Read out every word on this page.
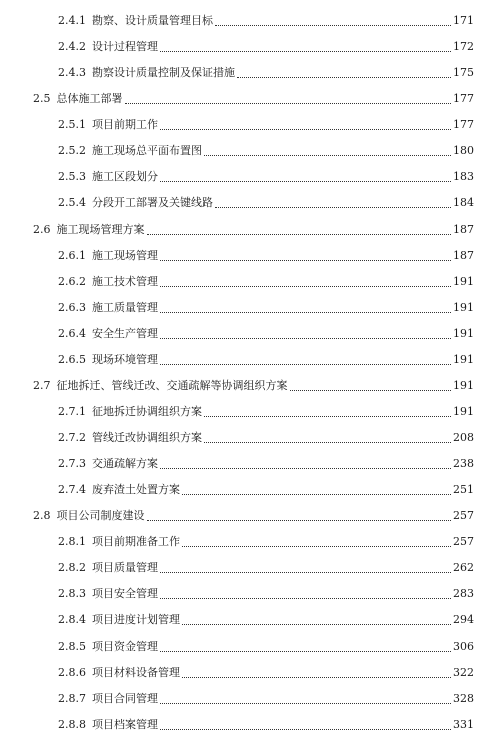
2.4.1 勘察、设计质量管理目标	171
2.4.2 设计过程管理	172
2.4.3 勘察设计质量控制及保证措施	175
2.5 总体施工部署	177
2.5.1 项目前期工作	177
2.5.2 施工现场总平面布置图	180
2.5.3 施工区段划分	183
2.5.4 分段开工部署及关键线路	184
2.6 施工现场管理方案	187
2.6.1 施工现场管理	187
2.6.2 施工技术管理	191
2.6.3 施工质量管理	191
2.6.4 安全生产管理	191
2.6.5 现场环境管理	191
2.7 征地拆迁、管线迁改、交通疏解等协调组织方案	191
2.7.1 征地拆迁协调组织方案	191
2.7.2 管线迁改协调组织方案	208
2.7.3 交通疏解方案	238
2.7.4 废弃渣土处置方案	251
2.8 项目公司制度建设	257
2.8.1 项目前期准备工作	257
2.8.2 项目质量管理	262
2.8.3 项目安全管理	283
2.8.4 项目进度计划管理	294
2.8.5 项目资金管理	306
2.8.6 项目材料设备管理	322
2.8.7 项目合同管理	328
2.8.8 项目档案管理	331
